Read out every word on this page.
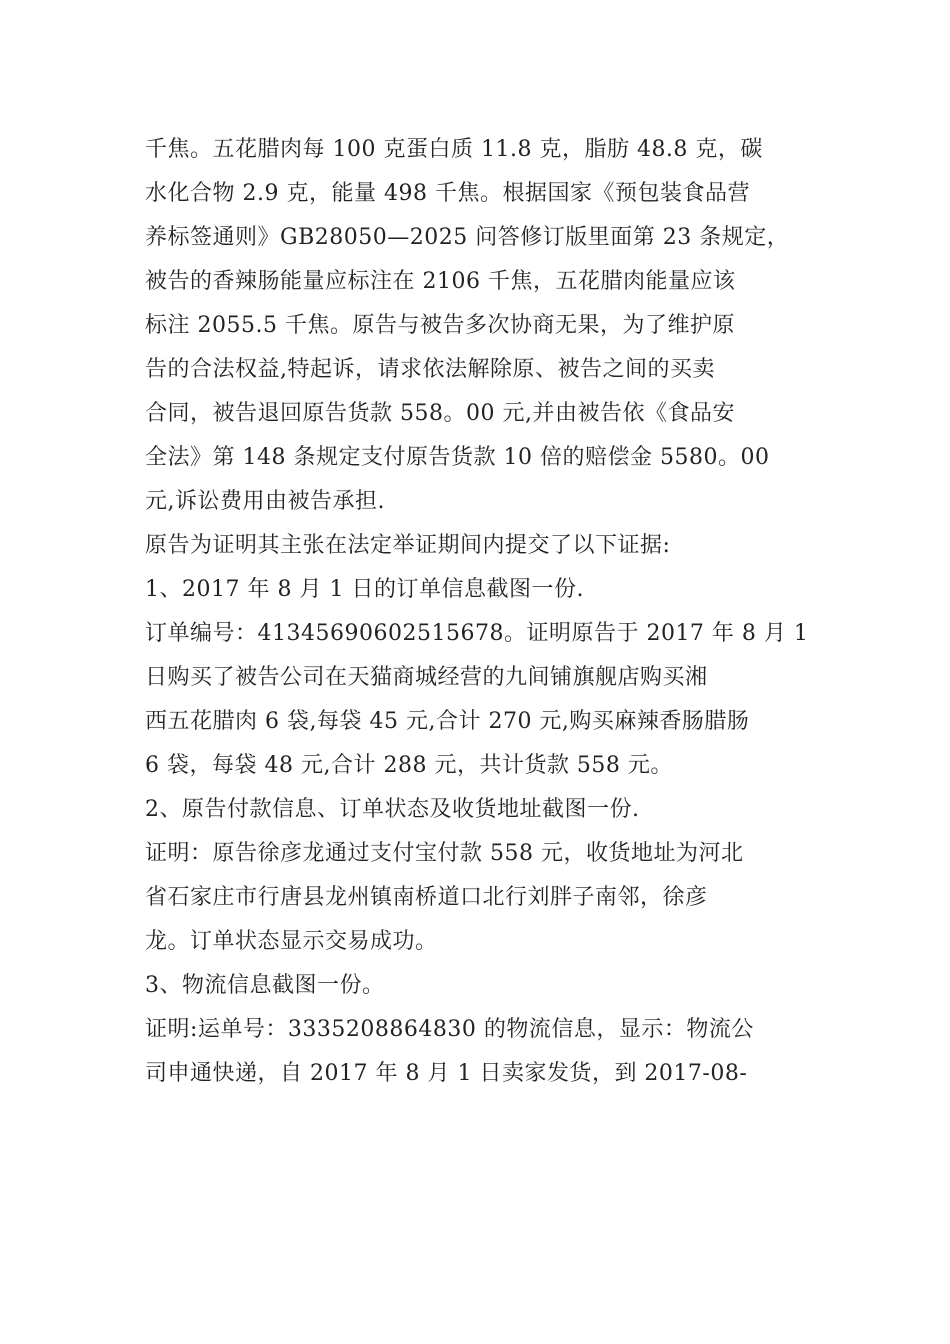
千焦。五花腊肉每 100 克蛋白质 11.8 克，脂肪 48.8 克，碳
水化合物 2.9 克，能量 498 千焦。根据国家《预包装食品营
养标签通则》GB28050—2025 问答修订版里面第 23 条规定，
被告的香辣肠能量应标注在 2106 千焦，五花腊肉能量应该
标注 2055.5 千焦。原告与被告多次协商无果，为了维护原
告的合法权益,特起诉，请求依法解除原、被告之间的买卖
合同，被告退回原告货款 558。00 元,并由被告依《食品安
全法》第 148 条规定支付原告货款 10 倍的赔偿金 5580。00
元,诉讼费用由被告承担.
原告为证明其主张在法定举证期间内提交了以下证据:
1、2017 年 8 月 1 日的订单信息截图一份.
订单编号：41345690602515678。证明原告于 2017 年 8 月 1
日购买了被告公司在天猫商城经营的九间铺旗舰店购买湘
西五花腊肉 6 袋,每袋 45 元,合计 270 元,购买麻辣香肠腊肠
6 袋，每袋 48 元,合计 288 元，共计货款 558 元。
2、原告付款信息、订单状态及收货地址截图一份.
证明：原告徐彦龙通过支付宝付款 558 元，收货地址为河北
省石家庄市行唐县龙州镇南桥道口北行刘胖子南邻，徐彦
龙。订单状态显示交易成功。
3、物流信息截图一份。
证明:运单号：3335208864830 的物流信息，显示：物流公
司申通快递，自 2017 年 8 月 1 日卖家发货，到 2017-08-
